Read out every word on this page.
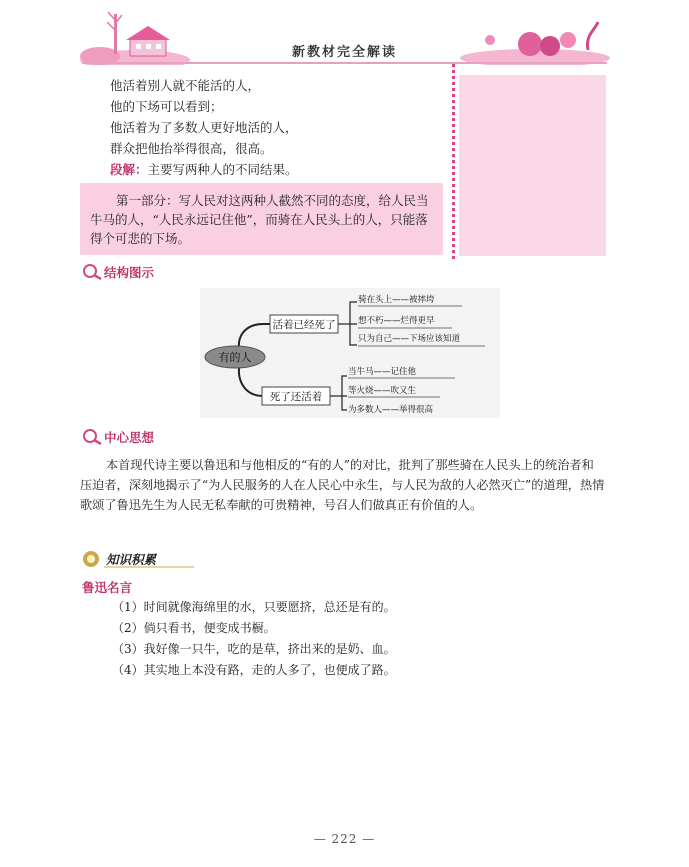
新教材完全解读
他活着别人就不能活的人，
他的下场可以看到；
他活着为了多数人更好地活的人，
群众把他抬举得很高，很高。
段解：主要写两种人的不同结果。

第一部分：写人民对这两种人截然不同的态度，给人民当牛马的人，“人民永远记住他”，而骑在人民头上的人，只能落得个可悲的下场。

结构图示
有的人
活着已经死了
骑在头上——被摔垮
想不朽——烂得更早
只为自己——下场应该知道
死了还活着
当牛马——记住他
等火烧——吹又生
为多数人——举得很高
中心思想

本首现代诗主要以鲁迅和与他相反的“有的人”的对比，批判了那些骑在人民头上的统治者和压迫者，深刻地揭示了“为人民服务的人在人民心中永生，与人民为敌的人必然灭亡”的道理，热情歌颂了鲁迅先生为人民无私奉献的可贵精神，号召人们做真正有价值的人。

知识积累
鲁迅名言
（1）时间就像海绵里的水，只要愿挤，总还是有的。
（2）倘只看书，便变成书橱。
（3）我好像一只牛，吃的是草，挤出来的是奶、血。
（4）其实地上本没有路，走的人多了，也便成了路。
— 222 —
